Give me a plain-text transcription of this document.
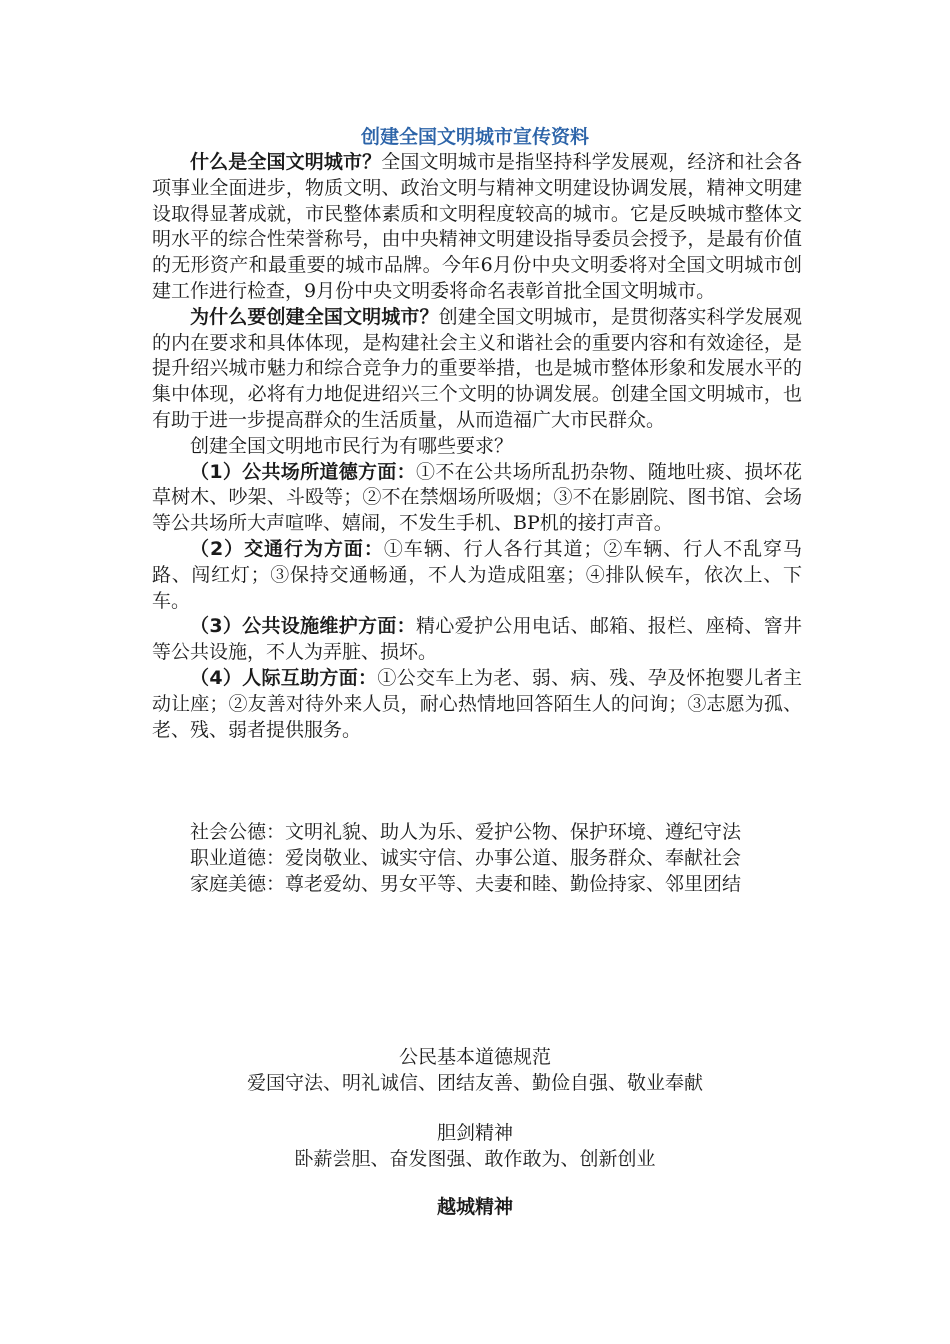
创建全国文明城市宣传资料

什么是全国文明城市？全国文明城市是指坚持科学发展观，经济和社会各项事业全面进步，物质文明、政治文明与精神文明建设协调发展，精神文明建设取得显著成就，市民整体素质和文明程度较高的城市。它是反映城市整体文明水平的综合性荣誉称号，由中央精神文明建设指导委员会授予，是最有价值的无形资产和最重要的城市品牌。今年6月份中央文明委将对全国文明城市创建工作进行检查，9月份中央文明委将命名表彰首批全国文明城市。

为什么要创建全国文明城市？创建全国文明城市，是贯彻落实科学发展观的内在要求和具体体现，是构建社会主义和谐社会的重要内容和有效途径，是提升绍兴城市魅力和综合竞争力的重要举措，也是城市整体形象和发展水平的集中体现，必将有力地促进绍兴三个文明的协调发展。创建全国文明城市，也有助于进一步提高群众的生活质量，从而造福广大市民群众。

创建全国文明地市民行为有哪些要求？

（1）公共场所道德方面：①不在公共场所乱扔杂物、随地吐痰、损坏花草树木、吵架、斗殴等；②不在禁烟场所吸烟；③不在影剧院、图书馆、会场等公共场所大声喧哗、嬉闹，不发生手机、BP机的接打声音。

（2）交通行为方面：①车辆、行人各行其道；②车辆、行人不乱穿马路、闯红灯；③保持交通畅通，不人为造成阻塞；④排队候车，依次上、下车。

（3）公共设施维护方面：精心爱护公用电话、邮箱、报栏、座椅、窨井等公共设施，不人为弄脏、损坏。

（4）人际互助方面：①公交车上为老、弱、病、残、孕及怀抱婴儿者主动让座；②友善对待外来人员，耐心热情地回答陌生人的问询；③志愿为孤、老、残、弱者提供服务。

社会公德：文明礼貌、助人为乐、爱护公物、保护环境、遵纪守法

职业道德：爱岗敬业、诚实守信、办事公道、服务群众、奉献社会

家庭美德：尊老爱幼、男女平等、夫妻和睦、勤俭持家、邻里团结

公民基本道德规范
爱国守法、明礼诚信、团结友善、勤俭自强、敬业奉献
胆剑精神
卧薪尝胆、奋发图强、敢作敢为、创新创业
越城精神
